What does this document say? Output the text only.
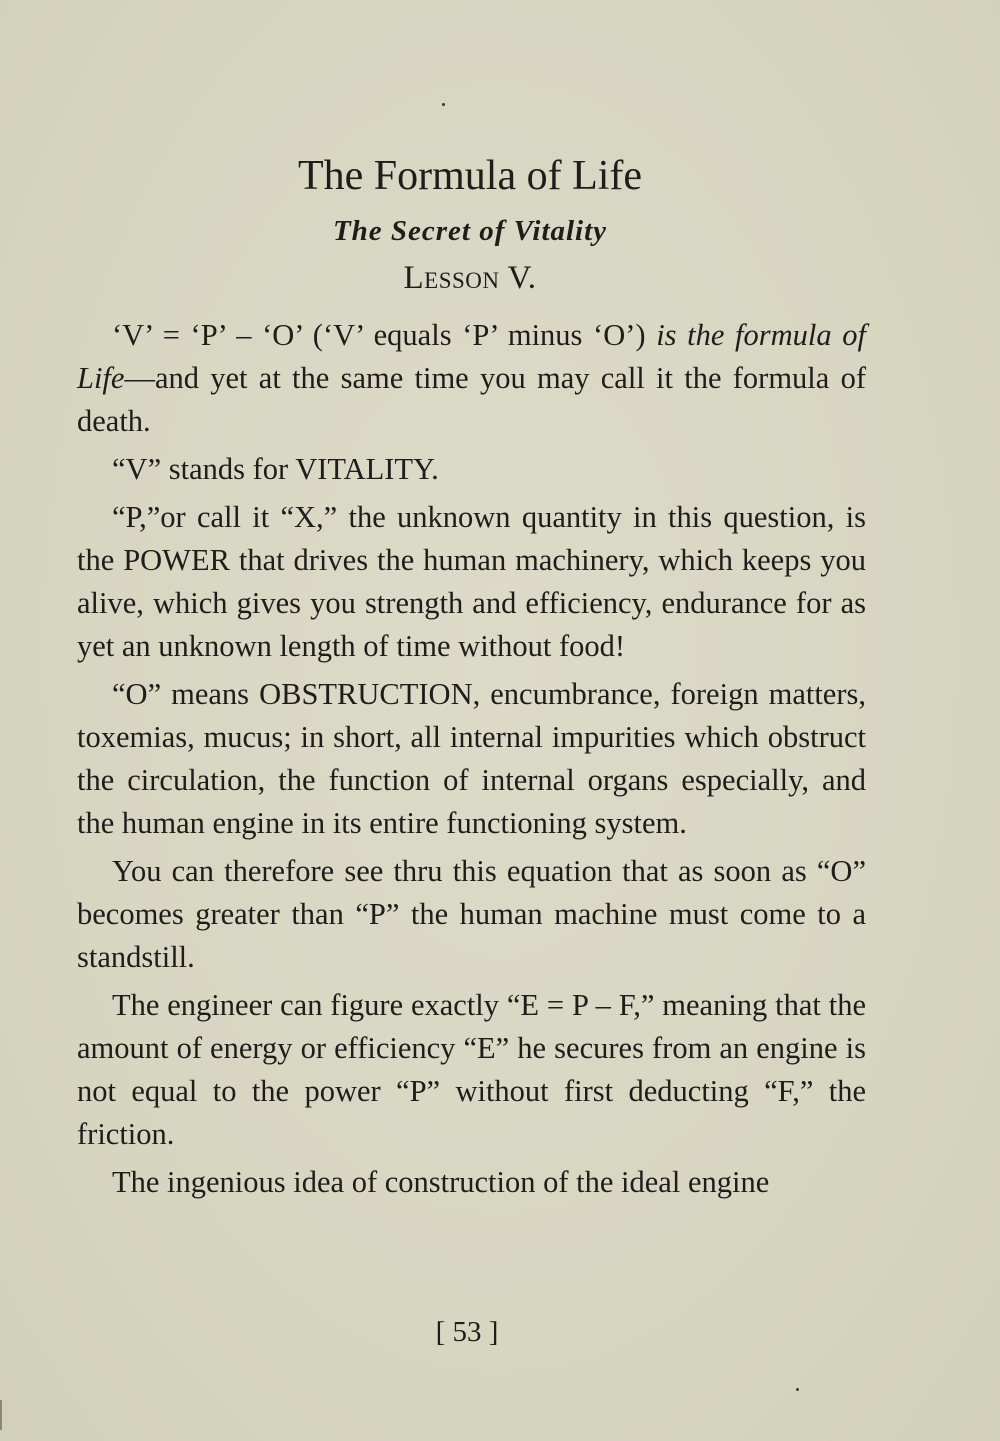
The Formula of Life
The Secret of Vitality
Lesson V.

‘V’ = ‘P’ – ‘O’ (‘V’ equals ‘P’ minus ‘O’) is the formula of Life—and yet at the same time you may call it the formula of death.

“V” stands for VITALITY.

“P,”or call it “X,” the unknown quantity in this question, is the POWER that drives the human machinery, which keeps you alive, which gives you strength and efficiency, endurance for as yet an unknown length of time without food!

“O” means OBSTRUCTION, encumbrance, foreign matters, toxemias, mucus; in short, all internal impurities which obstruct the circulation, the function of internal organs especially, and the human engine in its entire functioning system.

You can therefore see thru this equation that as soon as “O” becomes greater than “P” the human machine must come to a standstill.

The engineer can figure exactly “E = P – F,” meaning that the amount of energy or efficiency “E” he secures from an engine is not equal to the power “P” without first deducting “F,” the friction.

The ingenious idea of construction of the ideal engine

[ 53 ]
